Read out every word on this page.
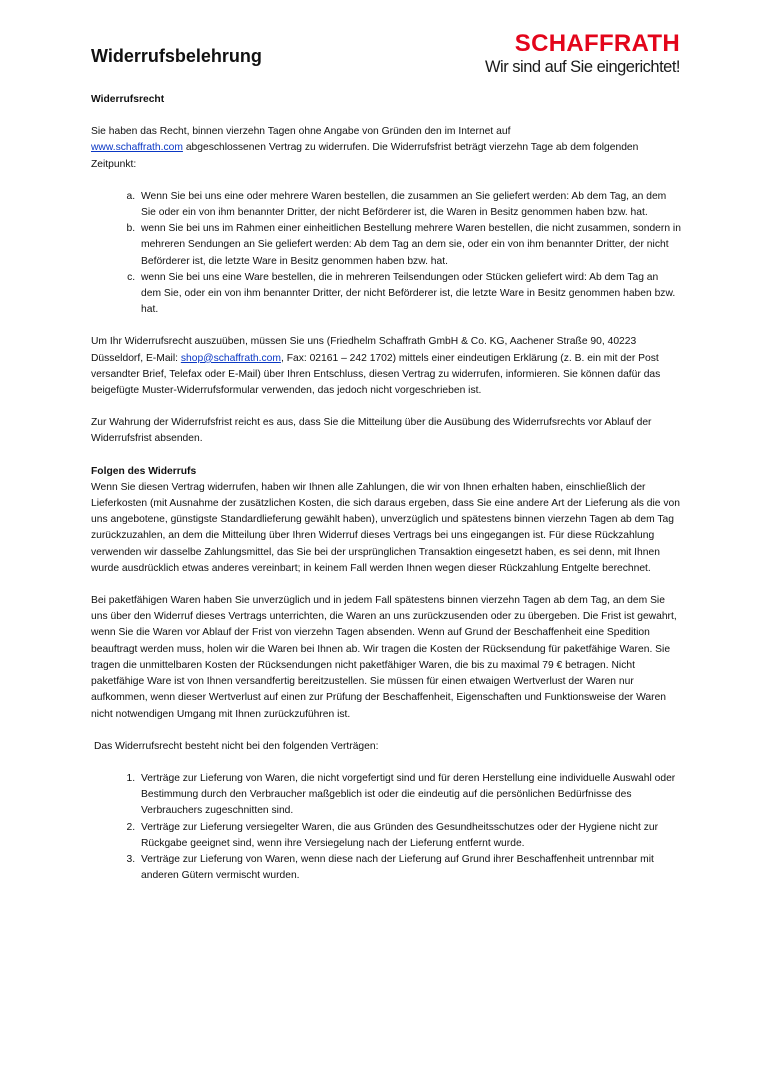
Widerrufsbelehrung	SCHAFFRATH
Wir sind auf Sie eingerichtet!

Widerrufsrecht

Sie haben das Recht, binnen vierzehn Tagen ohne Angabe von Gründen den im Internet auf
www.schaffrath.com abgeschlossenen Vertrag zu widerrufen. Die Widerrufsfrist beträgt vierzehn Tage ab dem folgenden Zeitpunkt:

a. Wenn Sie bei uns eine oder mehrere Waren bestellen, die zusammen an Sie geliefert werden: Ab dem Tag, an dem Sie oder ein von ihm benannter Dritter, der nicht Beförderer ist, die Waren in Besitz genommen haben bzw. hat.
b. wenn Sie bei uns im Rahmen einer einheitlichen Bestellung mehrere Waren bestellen, die nicht zusammen, sondern in mehreren Sendungen an Sie geliefert werden: Ab dem Tag an dem sie, oder ein von ihm benannter Dritter, der nicht Beförderer ist, die letzte Ware in Besitz genommen haben bzw. hat.
c. wenn Sie bei uns eine Ware bestellen, die in mehreren Teilsendungen oder Stücken geliefert wird: Ab dem Tag an dem Sie, oder ein von ihm benannter Dritter, der nicht Beförderer ist, die letzte Ware in Besitz genommen haben bzw. hat.

Um Ihr Widerrufsrecht auszuüben, müssen Sie uns (Friedhelm Schaffrath GmbH & Co. KG, Aachener Straße 90, 40223 Düsseldorf, E-Mail: shop@schaffrath.com, Fax: 02161 – 242 1702) mittels einer eindeutigen Erklärung (z. B. ein mit der Post versandter Brief, Telefax oder E-Mail) über Ihren Entschluss, diesen Vertrag zu widerrufen, informieren. Sie können dafür das beigefügte Muster-Widerrufsformular verwenden, das jedoch nicht vorgeschrieben ist.

Zur Wahrung der Widerrufsfrist reicht es aus, dass Sie die Mitteilung über die Ausübung des Widerrufsrechts vor Ablauf der Widerrufsfrist absenden.

Folgen des Widerrufs
Wenn Sie diesen Vertrag widerrufen, haben wir Ihnen alle Zahlungen, die wir von Ihnen erhalten haben, einschließlich der Lieferkosten (mit Ausnahme der zusätzlichen Kosten, die sich daraus ergeben, dass Sie eine andere Art der Lieferung als die von uns angebotene, günstigste Standardlieferung gewählt haben), unverzüglich und spätestens binnen vierzehn Tagen ab dem Tag zurückzuzahlen, an dem die Mitteilung über Ihren Widerruf dieses Vertrags bei uns eingegangen ist. Für diese Rückzahlung verwenden wir dasselbe Zahlungsmittel, das Sie bei der ursprünglichen Transaktion eingesetzt haben, es sei denn, mit Ihnen wurde ausdrücklich etwas anderes vereinbart; in keinem Fall werden Ihnen wegen dieser Rückzahlung Entgelte berechnet.

Bei paketfähigen Waren haben Sie unverzüglich und in jedem Fall spätestens binnen vierzehn Tagen ab dem Tag, an dem Sie uns über den Widerruf dieses Vertrags unterrichten, die Waren an uns zurückzusenden oder zu übergeben. Die Frist ist gewahrt, wenn Sie die Waren vor Ablauf der Frist von vierzehn Tagen absenden. Wenn auf Grund der Beschaffenheit eine Spedition beauftragt werden muss, holen wir die Waren bei Ihnen ab. Wir tragen die Kosten der Rücksendung für paketfähige Waren. Sie tragen die unmittelbaren Kosten der Rücksendungen nicht paketfähiger Waren, die bis zu maximal 79 € betragen. Nicht paketfähige Ware ist von Ihnen versandfertig bereitzustellen. Sie müssen für einen etwaigen Wertverlust der Waren nur aufkommen, wenn dieser Wertverlust auf einen zur Prüfung der Beschaffenheit, Eigenschaften und Funktionsweise der Waren nicht notwendigen Umgang mit Ihnen zurückzuführen ist.

Das Widerrufsrecht besteht nicht bei den folgenden Verträgen:

1. Verträge zur Lieferung von Waren, die nicht vorgefertigt sind und für deren Herstellung eine individuelle Auswahl oder Bestimmung durch den Verbraucher maßgeblich ist oder die eindeutig auf die persönlichen Bedürfnisse des Verbrauchers zugeschnitten sind.
2. Verträge zur Lieferung versiegelter Waren, die aus Gründen des Gesundheitsschutzes oder der Hygiene nicht zur Rückgabe geeignet sind, wenn ihre Versiegelung nach der Lieferung entfernt wurde.
3. Verträge zur Lieferung von Waren, wenn diese nach der Lieferung auf Grund ihrer Beschaffenheit untrennbar mit anderen Gütern vermischt wurden.
